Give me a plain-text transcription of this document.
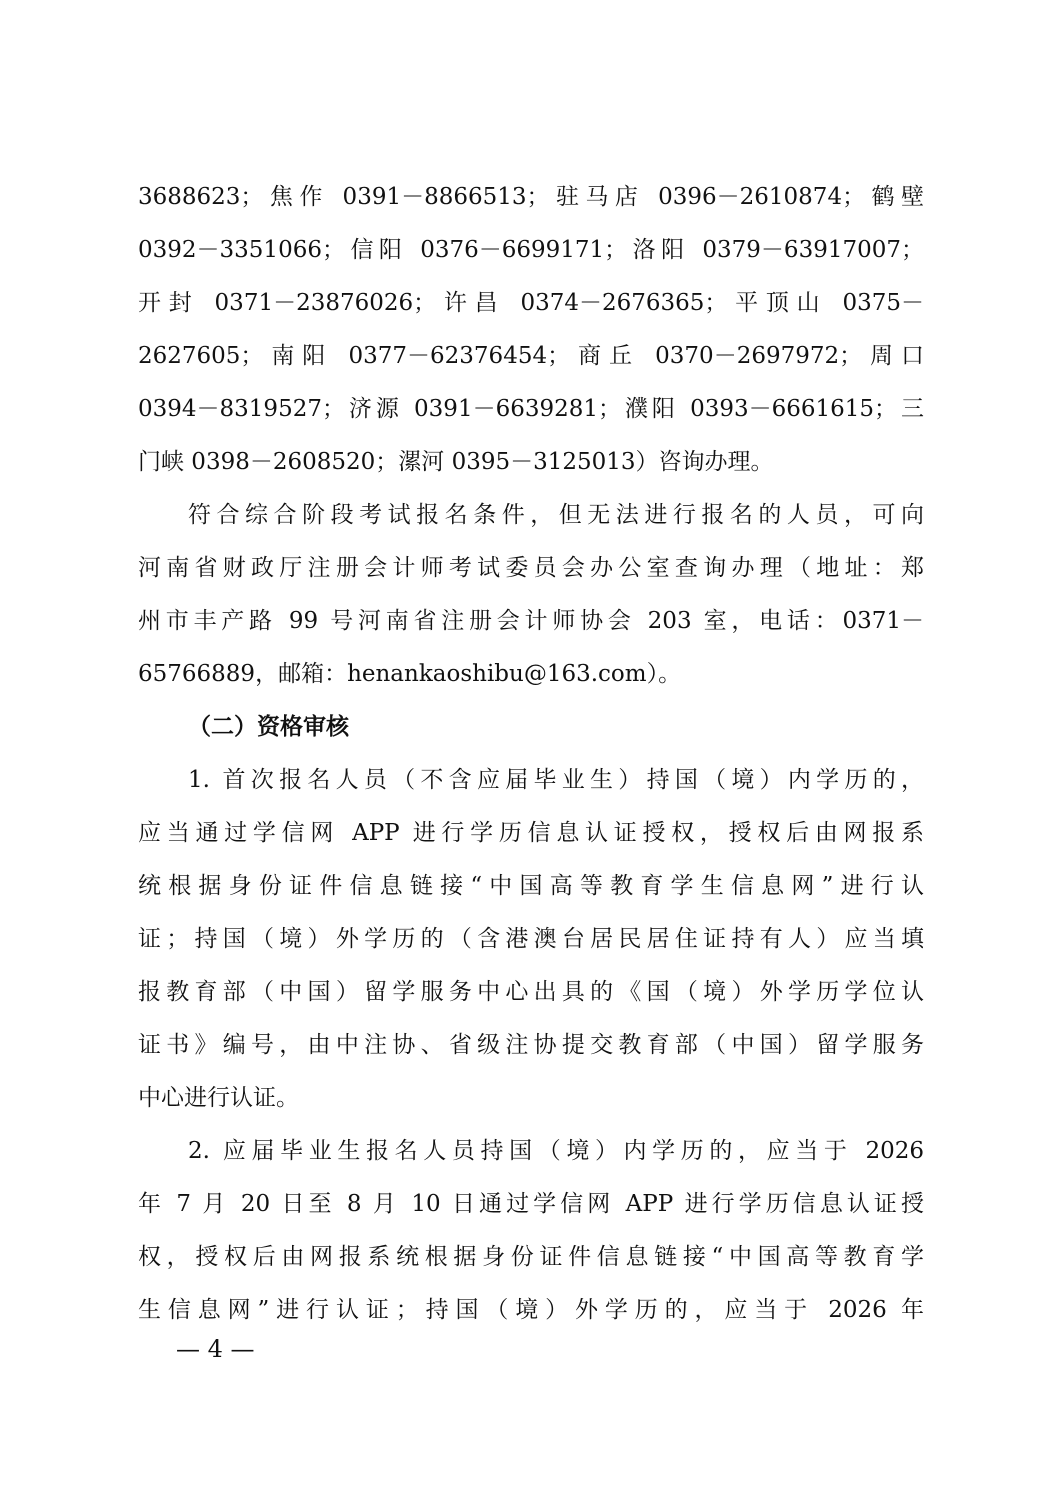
3688623；焦作 0391－8866513；驻马店 0396－2610874；鹤壁
0392－3351066；信阳 0376－6699171；洛阳 0379－63917007；
开封 0371－23876026；许昌 0374－2676365；平顶山 0375－
2627605；南阳 0377－62376454；商丘 0370－2697972；周口
0394－8319527；济源 0391－6639281；濮阳 0393－6661615；三
门峡 0398－2608520；漯河 0395－3125013）咨询办理。
符合综合阶段考试报名条件，但无法进行报名的人员，可向
河南省财政厅注册会计师考试委员会办公室查询办理（地址：郑
州市丰产路 99 号河南省注册会计师协会 203 室，电话：0371－
65766889，邮箱：henankaoshibu@163.com）。
（二）资格审核
1. 首次报名人员（不含应届毕业生）持国（境）内学历的，
应当通过学信网 APP 进行学历信息认证授权，授权后由网报系
统根据身份证件信息链接“中国高等教育学生信息网”进行认
证；持国（境）外学历的（含港澳台居民居住证持有人）应当填
报教育部（中国）留学服务中心出具的《国（境）外学历学位认
证书》编号，由中注协、省级注协提交教育部（中国）留学服务
中心进行认证。
2. 应届毕业生报名人员持国（境）内学历的，应当于 2026
年 7 月 20 日至 8 月 10 日通过学信网 APP 进行学历信息认证授
权，授权后由网报系统根据身份证件信息链接“中国高等教育学
生信息网”进行认证；持国（境）外学历的，应当于 2026 年
— 4 —
